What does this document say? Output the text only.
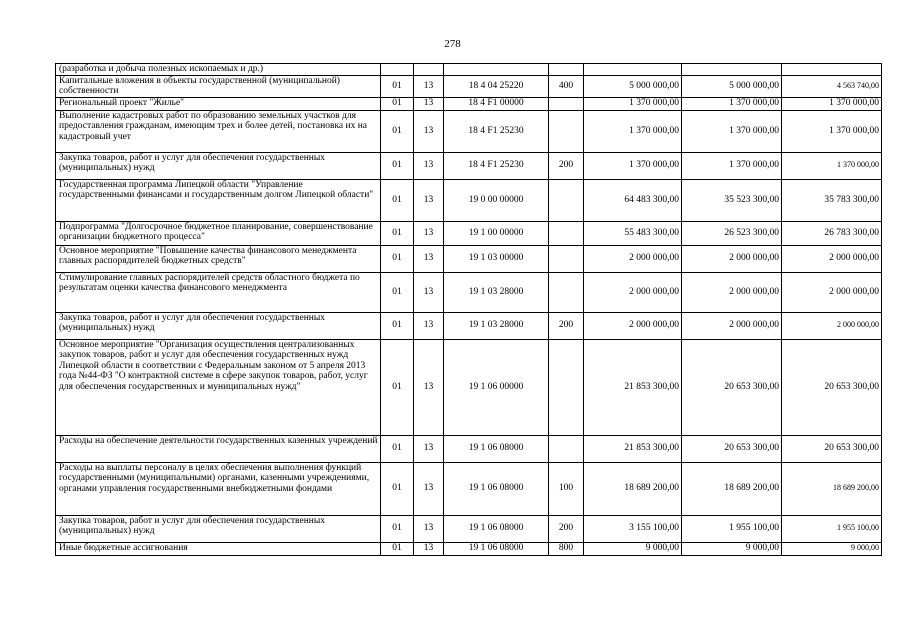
278
(разработка и добыча полезных ископаемых и др.)							
Капитальные вложения в объекты государственной (муниципальной) собственности	01	13	18 4 04 25220	400	5 000 000,00	5 000 000,00	4 563 740,00
Региональный проект "Жилье"	01	13	18 4 F1 00000		1 370 000,00	1 370 000,00	1 370 000,00
Выполнение кадастровых работ по образованию земельных участков для предоставления гражданам, имеющим трех и более детей, постановка их на кадастровый учет	01	13	18 4 F1 25230		1 370 000,00	1 370 000,00	1 370 000,00
Закупка товаров, работ и услуг для обеспечения государственных (муниципальных) нужд	01	13	18 4 F1 25230	200	1 370 000,00	1 370 000,00	1 370 000,00
Государственная программа Липецкой области "Управление государственными финансами и государственным долгом Липецкой области"	01	13	19 0 00 00000		64 483 300,00	35 523 300,00	35 783 300,00
Подпрограмма "Долгосрочное бюджетное планирование, совершенствование организации бюджетного процесса"	01	13	19 1 00 00000		55 483 300,00	26 523 300,00	26 783 300,00
Основное мероприятие "Повышение качества финансового менеджмента главных распорядителей бюджетных средств"	01	13	19 1 03 00000		2 000 000,00	2 000 000,00	2 000 000,00
Стимулирование главных распорядителей средств областного бюджета по результатам оценки качества финансового менеджмента	01	13	19 1 03 28000		2 000 000,00	2 000 000,00	2 000 000,00
Закупка товаров, работ и услуг для обеспечения государственных (муниципальных) нужд	01	13	19 1 03 28000	200	2 000 000,00	2 000 000,00	2 000 000,00
Основное мероприятие "Организация осуществления централизованных закупок товаров, работ и услуг для обеспечения государственных нужд Липецкой области в соответствии с Федеральным законом от 5 апреля 2013 года №44-ФЗ "О контрактной системе в сфере закупок товаров, работ, услуг для обеспечения государственных и муниципальных нужд"	01	13	19 1 06 00000		21 853 300,00	20 653 300,00	20 653 300,00
Расходы на обеспечение деятельности государственных казенных учреждений	01	13	19 1 06 08000		21 853 300,00	20 653 300,00	20 653 300,00
Расходы на выплаты персоналу в целях обеспечения выполнения функций государственными (муниципальными) органами, казенными учреждениями, органами управления государственными внебюджетными фондами	01	13	19 1 06 08000	100	18 689 200,00	18 689 200,00	18 689 200,00
Закупка товаров, работ и услуг для обеспечения государственных (муниципальных) нужд	01	13	19 1 06 08000	200	3 155 100,00	1 955 100,00	1 955 100,00
Иные бюджетные ассигнования	01	13	19 1 06 08000	800	9 000,00	9 000,00	9 000,00
